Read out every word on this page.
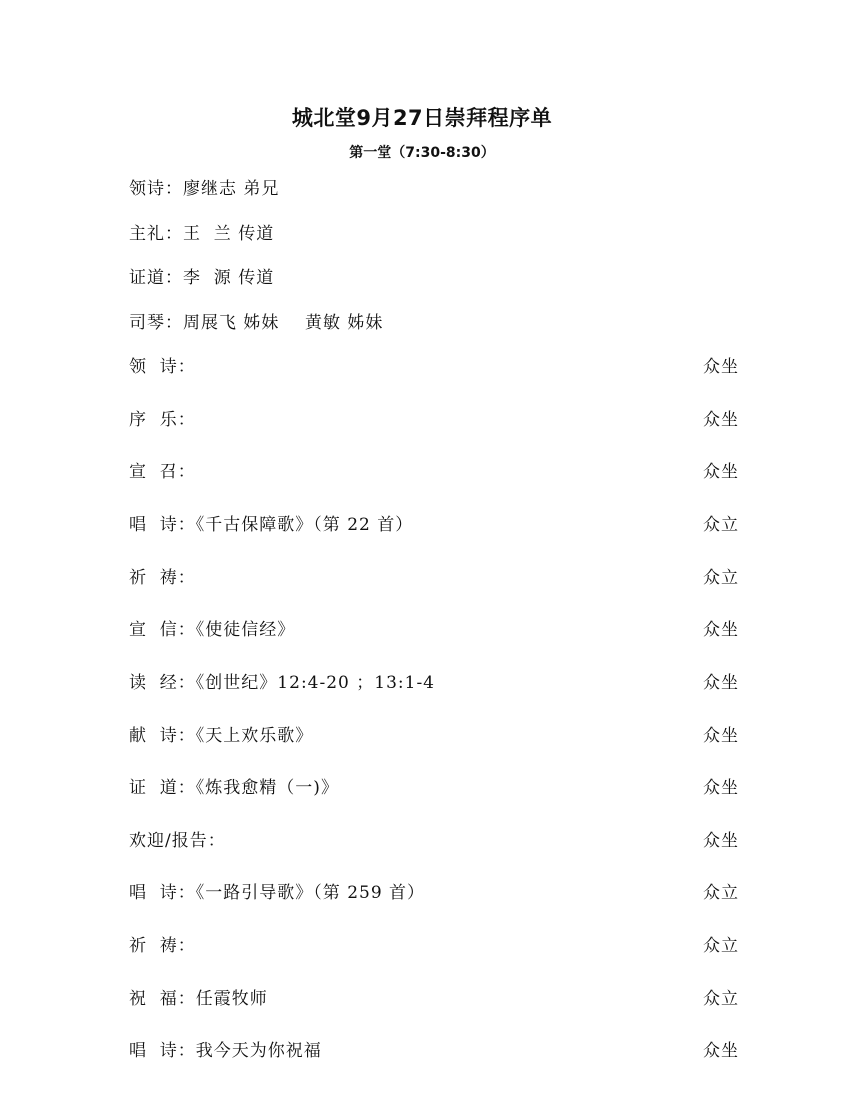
城北堂9月27日崇拜程序单
第一堂（7:30-8:30）
领诗：廖继志 弟兄
主礼：王  兰 传道
证道：李  源 传道
司琴：周展飞 姊妹    黄敏 姊妹
领  诗：	众坐
序  乐：	众坐
宣  召：	众坐
唱  诗：《千古保障歌》（第 22 首）	众立
祈  祷：	众立
宣  信：《使徒信经》	众坐
读  经：《创世纪》12:4-20 ；13:1-4	众坐
献  诗：《天上欢乐歌》	众坐
证  道：《炼我愈精（一)》	众坐
欢迎/报告：	众坐
唱  诗：《一路引导歌》（第 259 首）	众立
祈  祷：	众立
祝  福：任霞牧师	众立
唱  诗：我今天为你祝福	众坐
